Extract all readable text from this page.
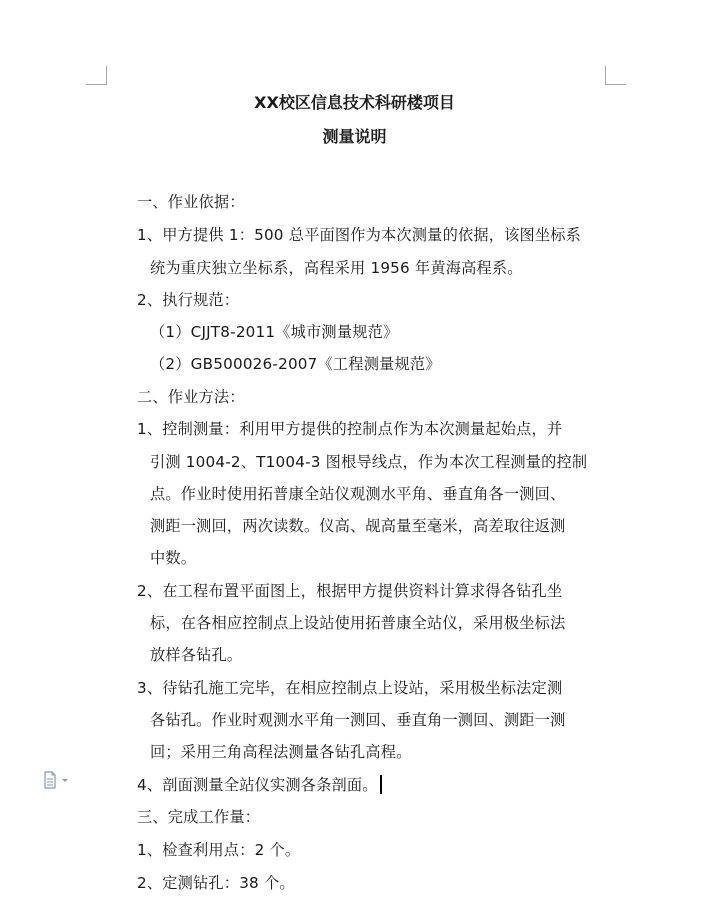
XX校区信息技术科研楼项目
测量说明
一、作业依据：
1、甲方提供 1：500 总平面图作为本次测量的依据，该图坐标系
统为重庆独立坐标系，高程采用 1956 年黄海高程系。
2、执行规范：
（1）CJJT8-2011《城市测量规范》
（2）GB500026-2007《工程测量规范》
二、作业方法：
1、控制测量：利用甲方提供的控制点作为本次测量起始点，并
引测 1004-2、T1004-3 图根导线点，作为本次工程测量的控制
点。作业时使用拓普康全站仪观测水平角、垂直角各一测回、
测距一测回，两次读数。仪高、觇高量至毫米，高差取往返测
中数。
2、在工程布置平面图上，根据甲方提供资料计算求得各钻孔坐
标，在各相应控制点上设站使用拓普康全站仪，采用极坐标法
放样各钻孔。
3、待钻孔施工完毕，在相应控制点上设站，采用极坐标法定测
各钻孔。作业时观测水平角一测回、垂直角一测回、测距一测
回；采用三角高程法测量各钻孔高程。
4、剖面测量全站仪实测各条剖面。
三、完成工作量：
1、检查利用点：2 个。
2、定测钻孔：38 个。
